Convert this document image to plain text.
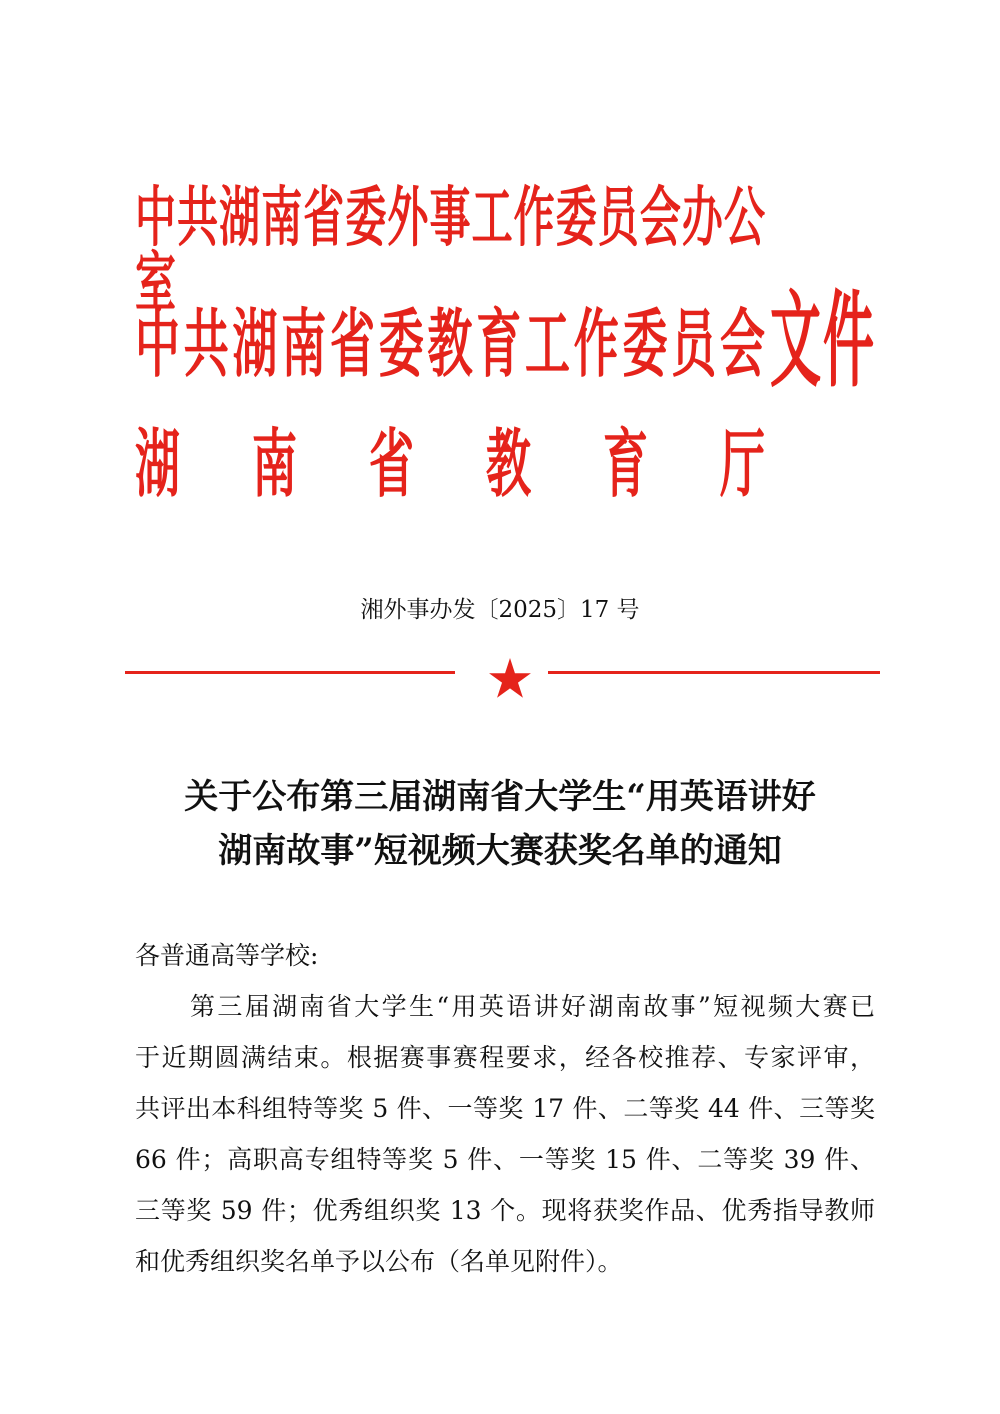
中共湖南省委外事工作委员会办公室
中共湖南省委教育工作委员会
湖南省教育厅
文件
湘外事办发〔2025〕17 号
关于公布第三届湖南省大学生“用英语讲好
湖南故事”短视频大赛获奖名单的通知
各普通高等学校:
第三届湖南省大学生“用英语讲好湖南故事”短视频大赛已
于近期圆满结束。根据赛事赛程要求，经各校推荐、专家评审，
共评出本科组特等奖 5 件、一等奖 17 件、二等奖 44 件、三等奖
66 件；高职高专组特等奖 5 件、一等奖 15 件、二等奖 39 件、
三等奖 59 件；优秀组织奖 13 个。现将获奖作品、优秀指导教师
和优秀组织奖名单予以公布（名单见附件）。
